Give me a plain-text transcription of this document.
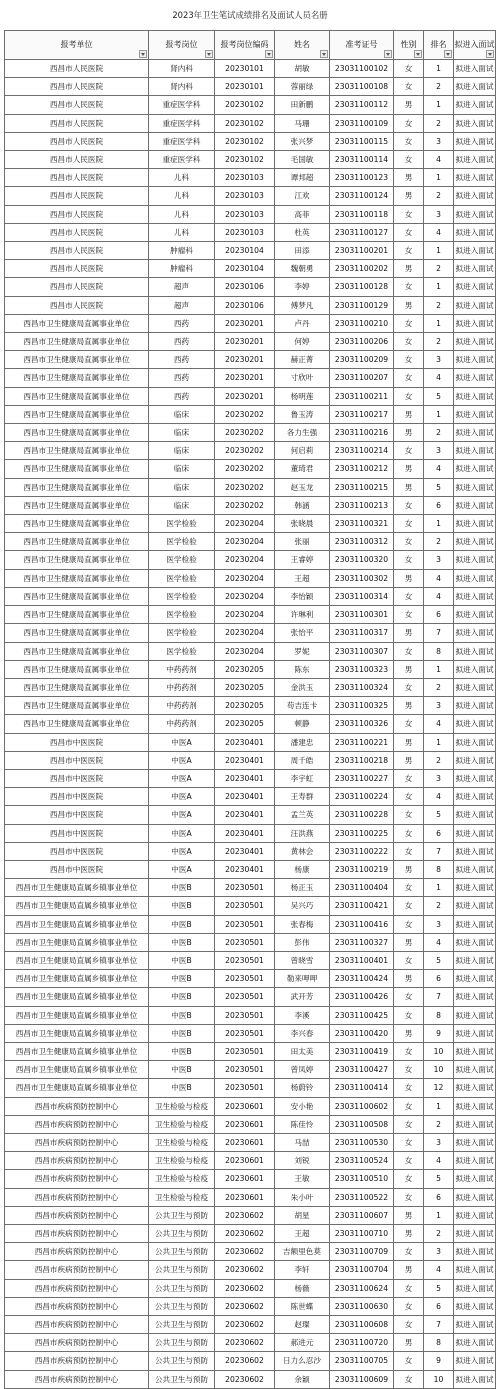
2023年卫生笔试成绩排名及面试人员名册
报考单位	报考岗位	报考岗位编码	姓名	准考证号	性别	排名	拟进入面试

西昌市人民医院	肾内科	20230101	胡敏	23031100102	女	1	拟进入面试
西昌市人民医院	肾内科	20230101	蓉丽绿	23031100108	女	2	拟进入面试
西昌市人民医院	重症医学科	20230102	田新鹏	23031100112	男	1	拟进入面试
西昌市人民医院	重症医学科	20230102	马珊	23031100109	女	2	拟进入面试
西昌市人民医院	重症医学科	20230102	张兴梦	23031100115	女	3	拟进入面试
西昌市人民医院	重症医学科	20230102	毛国敏	23031100114	女	4	拟进入面试
西昌市人民医院	儿科	20230103	谭邦超	23031100123	男	1	拟进入面试
西昌市人民医院	儿科	20230103	江欢	23031100124	男	2	拟进入面试
西昌市人民医院	儿科	20230103	高菲	23031100118	女	3	拟进入面试
西昌市人民医院	儿科	20230103	杜英	23031100127	女	4	拟进入面试
西昌市人民医院	肿瘤科	20230104	田添	23031100201	女	1	拟进入面试
西昌市人民医院	肿瘤科	20230104	魏朝勇	23031100202	男	2	拟进入面试
西昌市人民医院	超声	20230106	李婷	23031100128	女	1	拟进入面试
西昌市人民医院	超声	20230106	傅梦凡	23031100129	男	2	拟进入面试
西昌市卫生健康局直属事业单位	西药	20230201	卢丹	23031100210	女	1	拟进入面试
西昌市卫生健康局直属事业单位	西药	20230201	何婷	23031100206	女	2	拟进入面试
西昌市卫生健康局直属事业单位	西药	20230201	赫正菁	23031100209	女	3	拟进入面试
西昌市卫生健康局直属事业单位	西药	20230201	寸欣叶	23031100207	女	4	拟进入面试
西昌市卫生健康局直属事业单位	西药	20230201	杨明莲	23031100211	女	5	拟进入面试
西昌市卫生健康局直属事业单位	临床	20230202	鲁玉涛	23031100217	男	1	拟进入面试
西昌市卫生健康局直属事业单位	临床	20230202	各力生强	23031100216	男	2	拟进入面试
西昌市卫生健康局直属事业单位	临床	20230202	何启莉	23031100214	女	3	拟进入面试
西昌市卫生健康局直属事业单位	临床	20230202	董琦君	23031100212	男	4	拟进入面试
西昌市卫生健康局直属事业单位	临床	20230202	赵玉龙	23031100215	男	5	拟进入面试
西昌市卫生健康局直属事业单位	临床	20230202	韩涵	23031100213	女	6	拟进入面试
西昌市卫生健康局直属事业单位	医学检验	20230204	张晓晨	23031100321	女	1	拟进入面试
西昌市卫生健康局直属事业单位	医学检验	20230204	张丽	23031100312	女	2	拟进入面试
西昌市卫生健康局直属事业单位	医学检验	20230204	王睿婷	23031100320	女	3	拟进入面试
西昌市卫生健康局直属事业单位	医学检验	20230204	王超	23031100302	男	4	拟进入面试
西昌市卫生健康局直属事业单位	医学检验	20230204	李怡颖	23031100314	女	4	拟进入面试
西昌市卫生健康局直属事业单位	医学检验	20230204	许琳利	23031100301	女	6	拟进入面试
西昌市卫生健康局直属事业单位	医学检验	20230204	张怡平	23031100317	男	7	拟进入面试
西昌市卫生健康局直属事业单位	医学检验	20230204	罗妮	23031100307	女	8	拟进入面试
西昌市卫生健康局直属事业单位	中药药剂	20230205	陈东	23031100323	男	1	拟进入面试
西昌市卫生健康局直属事业单位	中药药剂	20230205	金洪玉	23031100324	女	2	拟进入面试
西昌市卫生健康局直属事业单位	中药药剂	20230205	苟吉连卡	23031100325	男	3	拟进入面试
西昌市卫生健康局直属事业单位	中药药剂	20230205	顿静	23031100326	女	4	拟进入面试
西昌市中医医院	中医A	20230401	潘建忠	23031100221	男	1	拟进入面试
西昌市中医医院	中医A	20230401	周千皓	23031100218	男	2	拟进入面试
西昌市中医医院	中医A	20230401	李宇虹	23031100227	女	3	拟进入面试
西昌市中医医院	中医A	20230401	王寿群	23031100224	女	4	拟进入面试
西昌市中医医院	中医A	20230401	孟兰英	23031100228	女	5	拟进入面试
西昌市中医医院	中医A	20230401	汪洪燕	23031100225	女	6	拟进入面试
西昌市中医医院	中医A	20230401	黄林会	23031100222	女	7	拟进入面试
西昌市中医医院	中医A	20230401	杨康	23031100219	男	8	拟进入面试
西昌市卫生健康局直属乡镇事业单位	中医B	20230501	杨正玉	23031100404	女	1	拟进入面试
西昌市卫生健康局直属乡镇事业单位	中医B	20230501	吴兴巧	23031100421	女	2	拟进入面试
西昌市卫生健康局直属乡镇事业单位	中医B	20230501	张春梅	23031100416	女	3	拟进入面试
西昌市卫生健康局直属乡镇事业单位	中医B	20230501	彭伟	23031100327	男	4	拟进入面试
西昌市卫生健康局直属乡镇事业单位	中医B	20230501	曾晓雪	23031100401	女	5	拟进入面试
西昌市卫生健康局直属乡镇事业单位	中医B	20230501	勒来呷呷	23031100424	男	6	拟进入面试
西昌市卫生健康局直属乡镇事业单位	中医B	20230501	武开芳	23031100426	女	7	拟进入面试
西昌市卫生健康局直属乡镇事业单位	中医B	20230501	李溪	23031100425	女	8	拟进入面试
西昌市卫生健康局直属乡镇事业单位	中医B	20230501	李兴春	23031100420	男	9	拟进入面试
西昌市卫生健康局直属乡镇事业单位	中医B	20230501	田太美	23031100419	女	10	拟进入面试
西昌市卫生健康局直属乡镇事业单位	中医B	20230501	曾凤婷	23031100427	女	10	拟进入面试
西昌市卫生健康局直属乡镇事业单位	中医B	20230501	杨蔚铃	23031100414	女	12	拟进入面试
西昌市疾病预防控制中心	卫生检验与检疫	20230601	安小艳	23031100602	女	1	拟进入面试
西昌市疾病预防控制中心	卫生检验与检疫	20230601	陈佳怜	23031100508	女	2	拟进入面试
西昌市疾病预防控制中心	卫生检验与检疫	20230601	马喆	23031100530	女	3	拟进入面试
西昌市疾病预防控制中心	卫生检验与检疫	20230601	刘锐	23031100524	女	4	拟进入面试
西昌市疾病预防控制中心	卫生检验与检疫	20230601	王敏	23031100510	女	5	拟进入面试
西昌市疾病预防控制中心	卫生检验与检疫	20230601	朱小叶	23031100522	女	6	拟进入面试
西昌市疾病预防控制中心	公共卫生与预防	20230602	胡星	23031100607	男	1	拟进入面试
西昌市疾病预防控制中心	公共卫生与预防	20230602	王超	23031100710	男	2	拟进入面试
西昌市疾病预防控制中心	公共卫生与预防	20230602	吉额里色莫	23031100709	女	3	拟进入面试
西昌市疾病预防控制中心	公共卫生与预防	20230602	李轩	23031100704	男	4	拟进入面试
西昌市疾病预防控制中心	公共卫生与预防	20230602	杨薇	23031100624	女	5	拟进入面试
西昌市疾病预防控制中心	公共卫生与预防	20230602	陈世蝶	23031100630	女	6	拟进入面试
西昌市疾病预防控制中心	公共卫生与预防	20230602	赵璨	23031100608	女	7	拟进入面试
西昌市疾病预防控制中心	公共卫生与预防	20230602	郝进元	23031100720	男	8	拟进入面试
西昌市疾病预防控制中心	公共卫生与预防	20230602	日力么忍沙	23031100705	女	9	拟进入面试
西昌市疾病预防控制中心	公共卫生与预防	20230602	余颖	23031100609	女	10	拟进入面试
